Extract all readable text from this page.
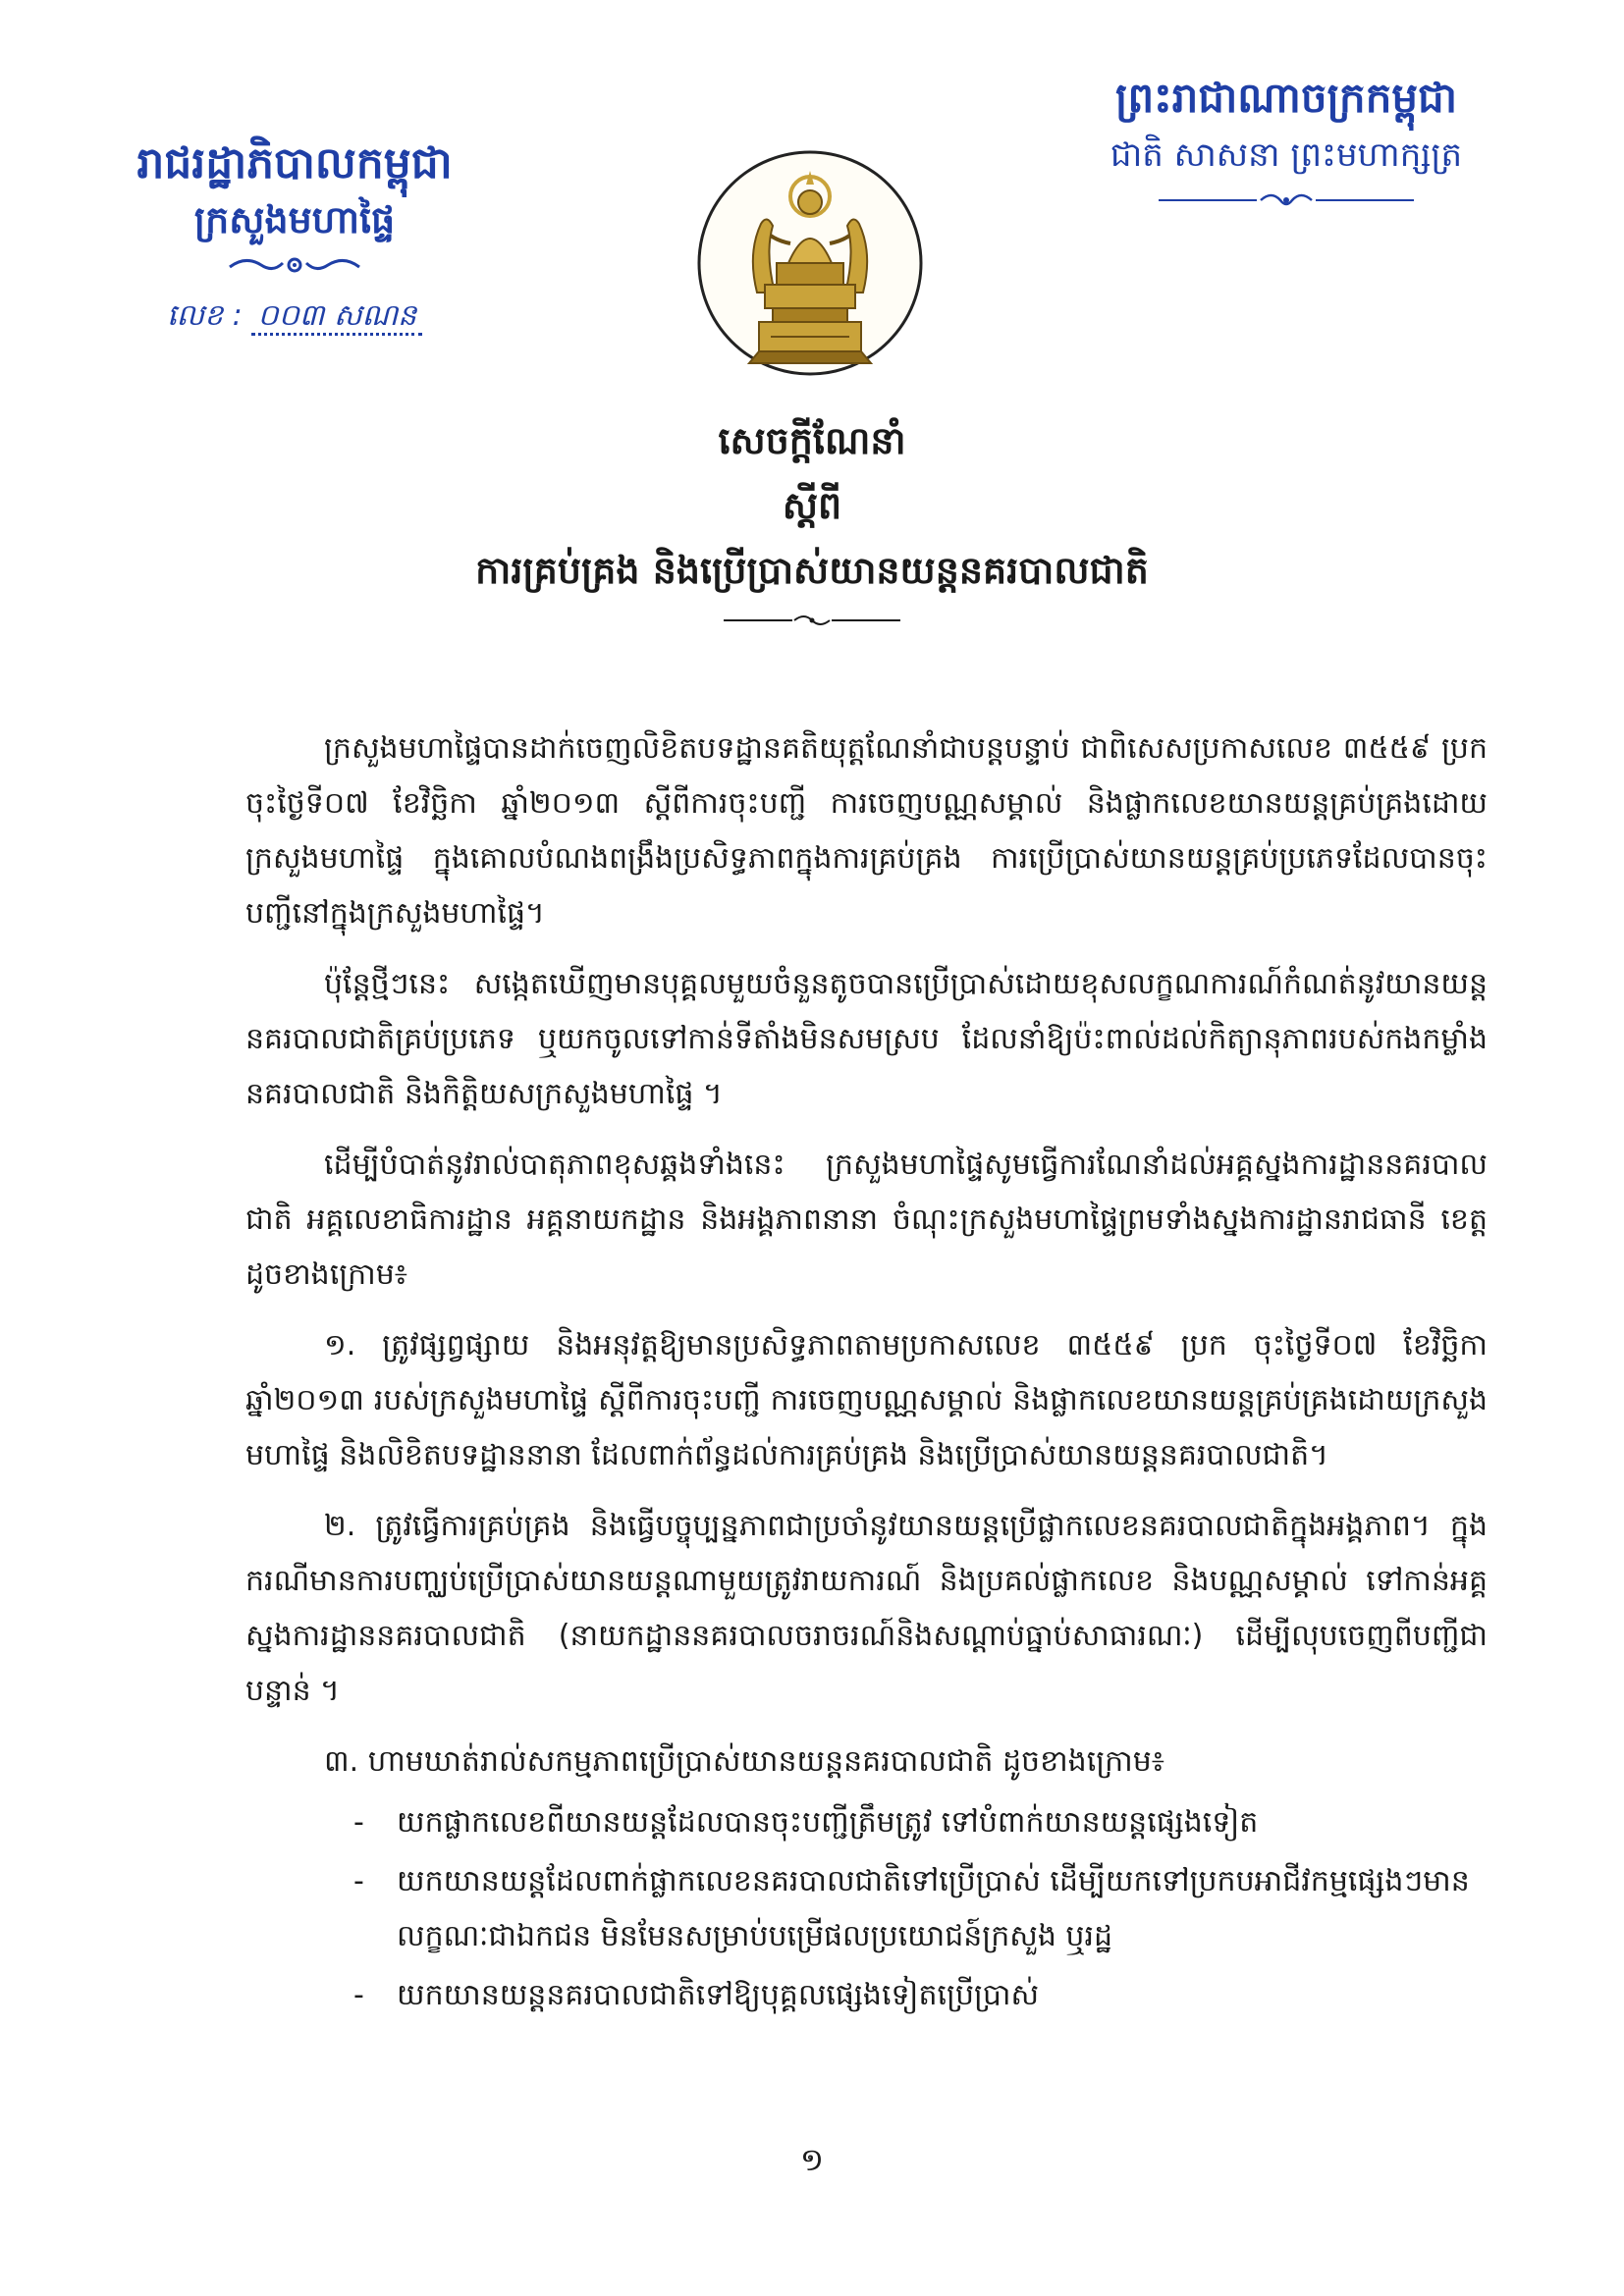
រាជរដ្ឋាភិបាលកម្ពុជា
ក្រសួងមហាផ្ទៃ
លេខ : ០០៣ សណន
ព្រះរាជាណាចក្រកម្ពុជា
ជាតិ សាសនា ព្រះមហាក្សត្រ
សេចក្តីណែនាំ
ស្តីពី
ការគ្រប់គ្រង និងប្រើប្រាស់យានយន្តនគរបាលជាតិ

ក្រសួងមហាផ្ទៃបានដាក់ចេញលិខិតបទដ្ឋានគតិយុត្តណែនាំជាបន្តបន្ទាប់ ជាពិសេសប្រកាសលេខ ៣៥៥៩ ប្រក ចុះថ្ងៃទី០៧ ខែវិច្ឆិកា ឆ្នាំ២០១៣ ស្តីពីការចុះបញ្ជី ការចេញបណ្ណសម្គាល់ និងផ្លាកលេខយានយន្តគ្រប់គ្រងដោយក្រសួងមហាផ្ទៃ ក្នុងគោលបំណងពង្រឹងប្រសិទ្ធភាពក្នុងការគ្រប់គ្រង ការប្រើប្រាស់យានយន្តគ្រប់ប្រភេទដែលបានចុះបញ្ជីនៅក្នុងក្រសួងមហាផ្ទៃ។

ប៉ុន្តែថ្មីៗនេះ សង្កេតឃើញមានបុគ្គលមួយចំនួនតូចបានប្រើប្រាស់ដោយខុសលក្ខណការណ៍កំណត់នូវយានយន្តនគរបាលជាតិគ្រប់ប្រភេទ ឬយកចូលទៅកាន់ទីតាំងមិនសមស្រប ដែលនាំឱ្យប៉ះពាល់ដល់កិត្យានុភាពរបស់កងកម្លាំងនគរបាលជាតិ និងកិត្តិយសក្រសួងមហាផ្ទៃ ។

ដើម្បីបំបាត់នូវរាល់បាតុភាពខុសឆ្គងទាំងនេះ ក្រសួងមហាផ្ទៃសូមធ្វើការណែនាំដល់អគ្គស្នងការដ្ឋាននគរបាលជាតិ អគ្គលេខាធិការដ្ឋាន អគ្គនាយកដ្ឋាន និងអង្គភាពនានា ចំណុះក្រសួងមហាផ្ទៃព្រមទាំងស្នងការដ្ឋានរាជធានី ខេត្ត ដូចខាងក្រោម៖

១. ត្រូវផ្សព្វផ្សាយ និងអនុវត្តឱ្យមានប្រសិទ្ធភាពតាមប្រកាសលេខ ៣៥៥៩ ប្រក ចុះថ្ងៃទី០៧ ខែវិច្ឆិកា ឆ្នាំ២០១៣ របស់ក្រសួងមហាផ្ទៃ ស្តីពីការចុះបញ្ជី ការចេញបណ្ណសម្គាល់ និងផ្លាកលេខយានយន្តគ្រប់គ្រងដោយក្រសួងមហាផ្ទៃ និងលិខិតបទដ្ឋាននានា ដែលពាក់ព័ន្ធដល់ការគ្រប់គ្រង និងប្រើប្រាស់យានយន្តនគរបាលជាតិ។

២. ត្រូវធ្វើការគ្រប់គ្រង និងធ្វើបច្ចុប្បន្នភាពជាប្រចាំនូវយានយន្តប្រើផ្លាកលេខនគរបាលជាតិក្នុងអង្គភាព។ ក្នុងករណីមានការបញ្ឈប់ប្រើប្រាស់យានយន្តណាមួយត្រូវរាយការណ៍ និងប្រគល់ផ្លាកលេខ និងបណ្ណសម្គាល់ ទៅកាន់អគ្គស្នងការដ្ឋាននគរបាលជាតិ (នាយកដ្ឋាននគរបាលចរាចរណ៍និងសណ្តាប់ធ្នាប់សាធារណៈ) ដើម្បីលុបចេញពីបញ្ជីជាបន្ទាន់ ។

៣. ហាមឃាត់រាល់សកម្មភាពប្រើប្រាស់យានយន្តនគរបាលជាតិ ដូចខាងក្រោម៖
- យកផ្លាកលេខពីយានយន្តដែលបានចុះបញ្ជីត្រឹមត្រូវ ទៅបំពាក់យានយន្តផ្សេងទៀត
- យកយានយន្តដែលពាក់ផ្លាកលេខនគរបាលជាតិទៅប្រើប្រាស់ ដើម្បីយកទៅប្រកបអាជីវកម្មផ្សេងៗមានលក្ខណៈជាឯកជន មិនមែនសម្រាប់បម្រើផលប្រយោជន៍ក្រសួង ឬរដ្ឋ
- យកយានយន្តនគរបាលជាតិទៅឱ្យបុគ្គលផ្សេងទៀតប្រើប្រាស់
១
